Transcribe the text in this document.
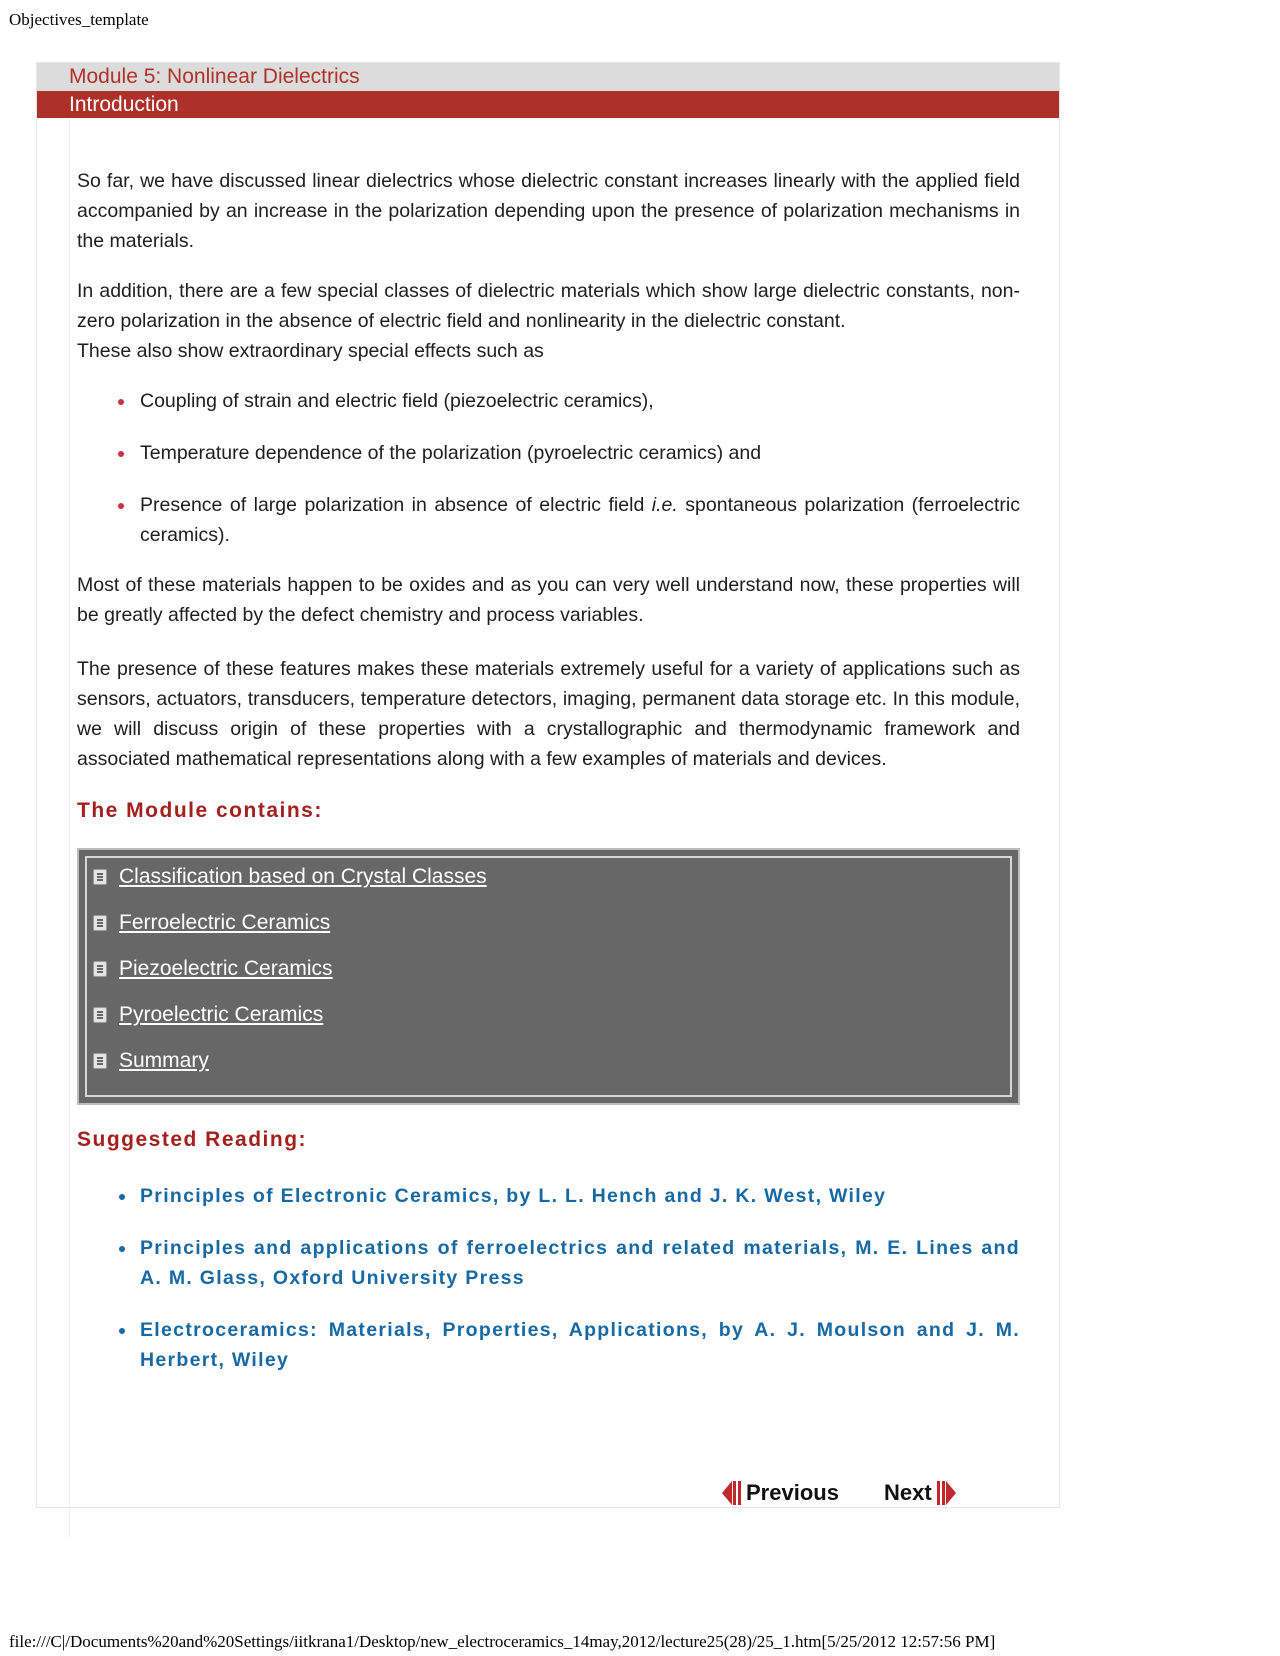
Objectives_template
Module 5: Nonlinear Dielectrics
Introduction

So far, we have discussed linear dielectrics whose dielectric constant increases linearly with the applied field accompanied by an increase in the polarization depending upon the presence of polarization mechanisms in the materials.

In addition, there are a few special classes of dielectric materials which show large dielectric constants, non-zero polarization in the absence of electric field and nonlinearity in the dielectric constant.

These also show extraordinary special effects such as

Coupling of strain and electric field (piezoelectric ceramics),
Temperature dependence of the polarization (pyroelectric ceramics) and
Presence of large polarization in absence of electric field i.e. spontaneous polarization (ferroelectric ceramics).

Most of these materials happen to be oxides and as you can very well understand now, these properties will be greatly affected by the defect chemistry and process variables.

The presence of these features makes these materials extremely useful for a variety of applications such as sensors, actuators, transducers, temperature detectors, imaging, permanent data storage etc. In this module, we will discuss origin of these properties with a crystallographic and thermodynamic framework and associated mathematical representations along with a few examples of materials and devices.

The Module contains:
Classification based on Crystal Classes
Ferroelectric Ceramics
Piezoelectric Ceramics
Pyroelectric Ceramics
Summary
Suggested Reading:
Principles of Electronic Ceramics, by L. L. Hench and J. K. West, Wiley
Principles and applications of ferroelectrics and related materials, M. E. Lines and A. M. Glass, Oxford University Press
Electroceramics: Materials, Properties, Applications, by A. J. Moulson and J. M. Herbert, Wiley
Previous Next
file:///C|/Documents%20and%20Settings/iitkrana1/Desktop/new_electroceramics_14may,2012/lecture25(28)/25_1.htm[5/25/2012 12:57:56 PM]
